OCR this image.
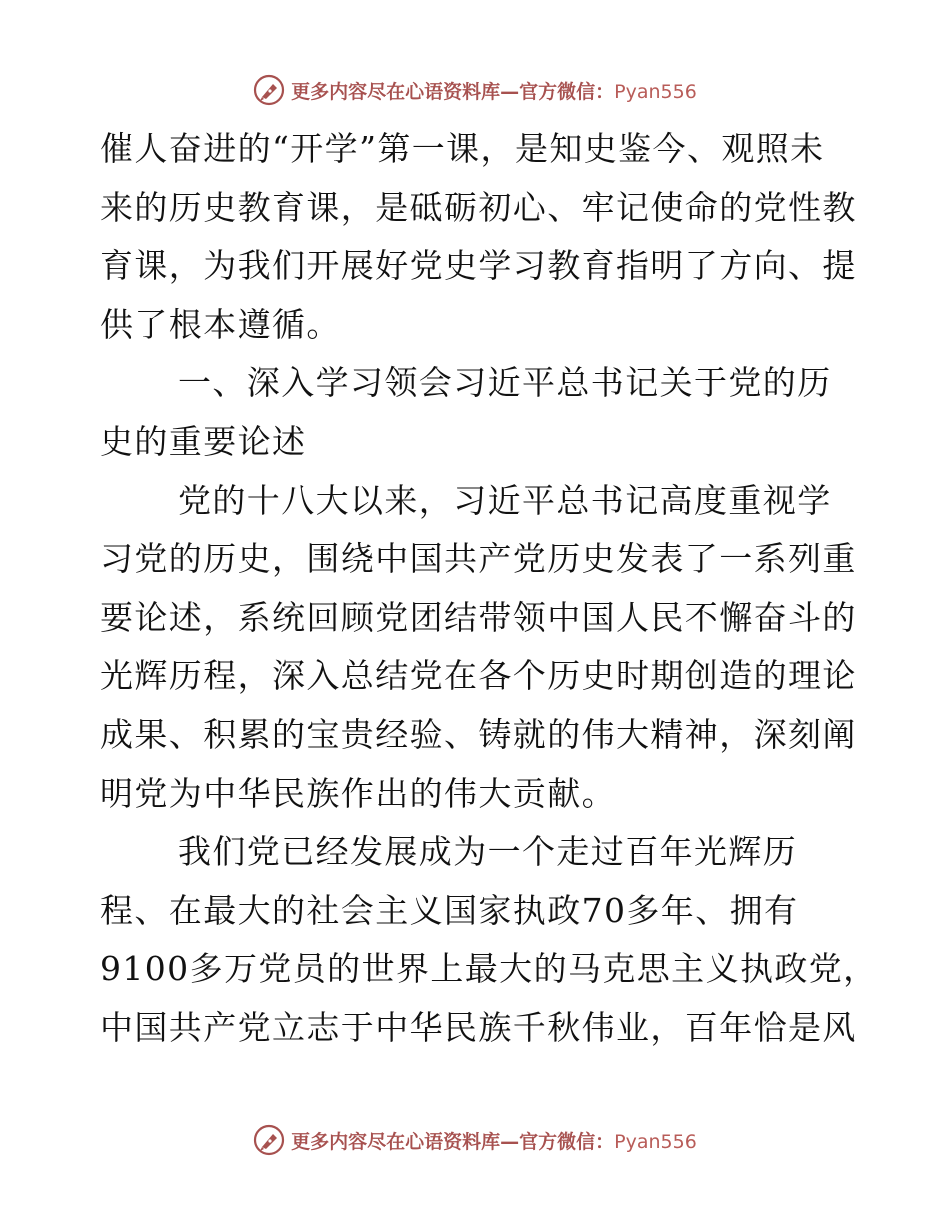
更多内容尽在心语资料库—官方微信：Pyan556
催人奋进的“开学”第一课，是知史鉴今、观照未
来的历史教育课，是砥砺初心、牢记使命的党性教
育课，为我们开展好党史学习教育指明了方向、提
供了根本遵循。
一、深入学习领会习近平总书记关于党的历
史的重要论述
党的十八大以来，习近平总书记高度重视学
习党的历史，围绕中国共产党历史发表了一系列重
要论述，系统回顾党团结带领中国人民不懈奋斗的
光辉历程，深入总结党在各个历史时期创造的理论
成果、积累的宝贵经验、铸就的伟大精神，深刻阐
明党为中华民族作出的伟大贡献。
我们党已经发展成为一个走过百年光辉历
程、在最大的社会主义国家执政70多年、拥有
9100多万党员的世界上最大的马克思主义执政党，
中国共产党立志于中华民族千秋伟业，百年恰是风
更多内容尽在心语资料库—官方微信：Pyan556
